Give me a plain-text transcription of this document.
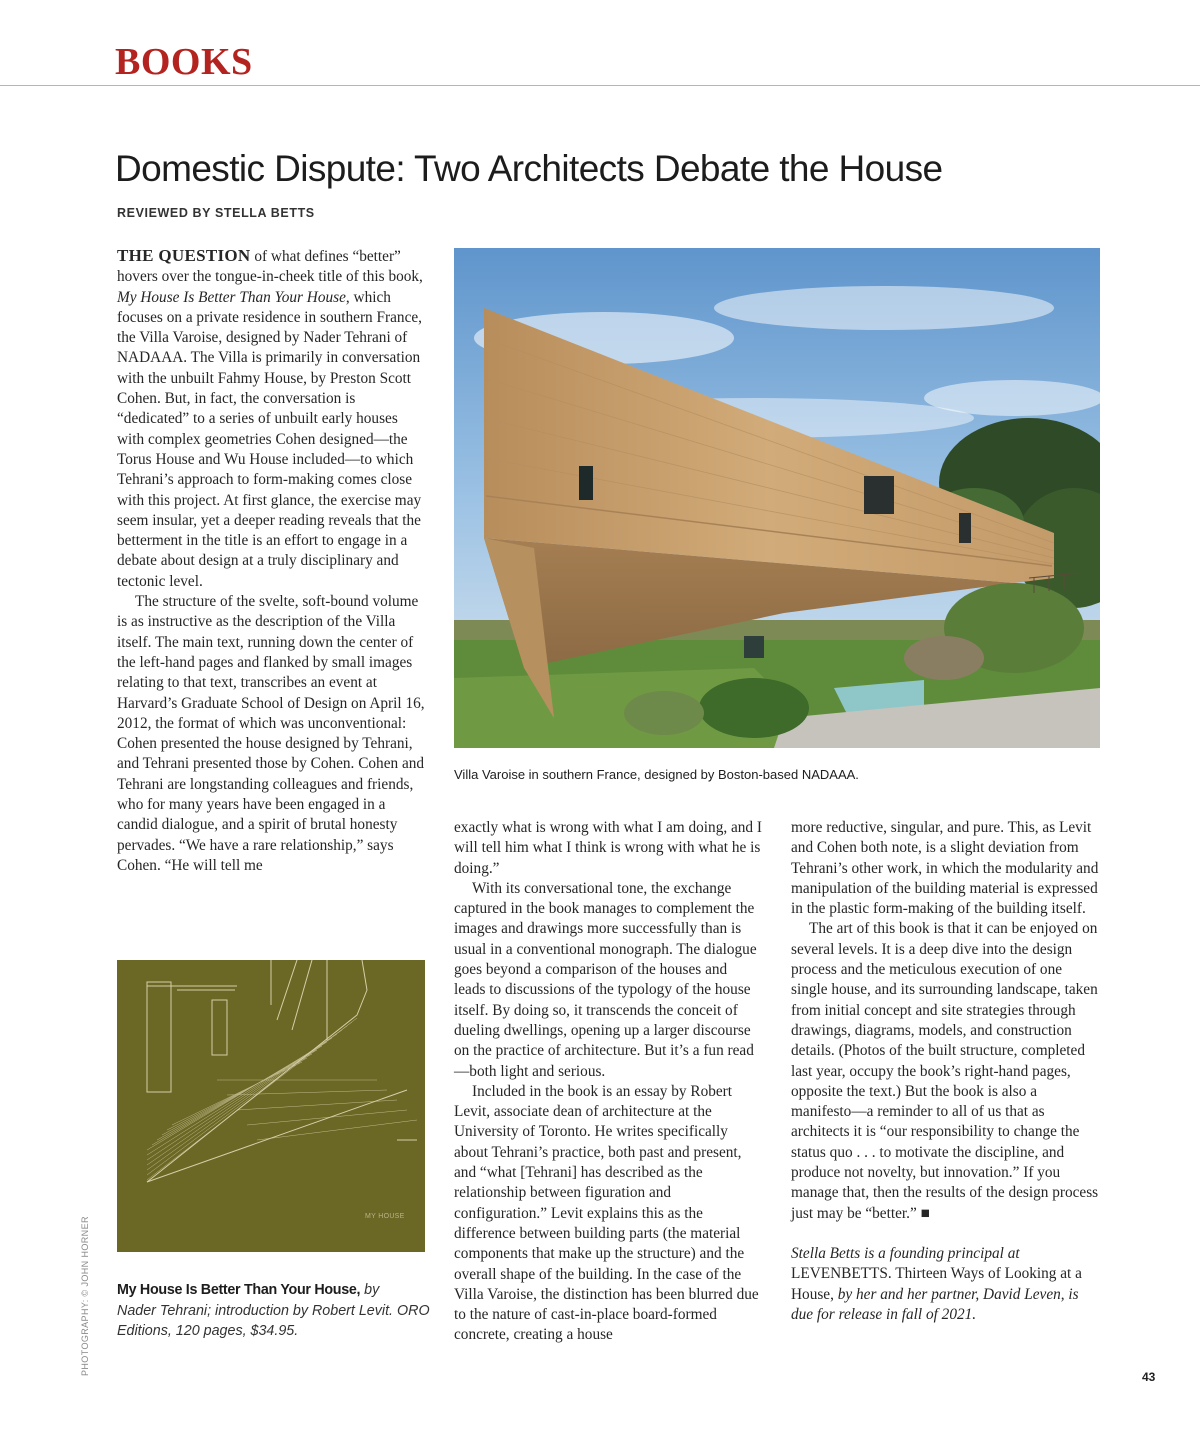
BOOKS
Domestic Dispute: Two Architects Debate the House
REVIEWED BY STELLA BETTS

THE QUESTION of what defines “better” hovers over the tongue-in-cheek title of this book, My House Is Better Than Your House, which focuses on a private residence in southern France, the Villa Varoise, designed by Nader Tehrani of NADAAA. The Villa is primarily in conversation with the unbuilt Fahmy House, by Preston Scott Cohen. But, in fact, the conversation is “dedicated” to a series of unbuilt early houses with complex geometries Cohen designed—the Torus House and Wu House included—to which Tehrani’s approach to form-making comes close with this project. At first glance, the exercise may seem insular, yet a deeper reading reveals that the betterment in the title is an effort to engage in a debate about design at a truly disciplinary and tectonic level.

The structure of the svelte, soft-bound volume is as instructive as the description of the Villa itself. The main text, running down the center of the left-hand pages and flanked by small images relating to that text, transcribes an event at Harvard’s Graduate School of Design on April 16, 2012, the format of which was unconventional: Cohen presented the house designed by Tehrani, and Tehrani presented those by Cohen. Cohen and Tehrani are longstanding colleagues and friends, who for many years have been engaged in a candid dialogue, and a spirit of brutal honesty pervades. “We have a rare relationship,” says Cohen. “He will tell me

Villa Varoise in southern France, designed by Boston-based NADAAA.

exactly what is wrong with what I am doing, and I will tell him what I think is wrong with what he is doing.”

With its conversational tone, the exchange captured in the book manages to complement the images and drawings more successfully than is usual in a conventional monograph. The dialogue goes beyond a comparison of the houses and leads to discussions of the typology of the house itself. By doing so, it transcends the conceit of dueling dwellings, opening up a larger discourse on the practice of architecture. But it’s a fun read—both light and serious.

Included in the book is an essay by Robert Levit, associate dean of architecture at the University of Toronto. He writes specifically about Tehrani’s practice, both past and present, and “what [Tehrani] has described as the relationship between figuration and configuration.” Levit explains this as the difference between building parts (the material components that make up the structure) and the overall shape of the building. In the case of the Villa Varoise, the distinction has been blurred due to the nature of cast-in-place board-formed concrete, creating a house

more reductive, singular, and pure. This, as Levit and Cohen both note, is a slight deviation from Tehrani’s other work, in which the modularity and manipulation of the building material is expressed in the plastic form-making of the building itself.

The art of this book is that it can be enjoyed on several levels. It is a deep dive into the design process and the meticulous execution of one single house, and its surrounding landscape, taken from initial concept and site strategies through drawings, diagrams, models, and construction details. (Photos of the built structure, completed last year, occupy the book’s right-hand pages, opposite the text.) But the book is also a manifesto—a reminder to all of us that as architects it is “our responsibility to change the status quo . . . to motivate the discipline, and produce not novelty, but innovation.” If you manage that, then the results of the design process just may be “better.” ■

Stella Betts is a founding principal at LEVENBETTS. Thirteen Ways of Looking at a House, by her and her partner, David Leven, is due for release in fall of 2021.

MY HOUSE
My House Is Better Than Your House, by
Nader Tehrani; introduction by Robert Levit. ORO Editions, 120 pages, $34.95.
PHOTOGRAPHY: © JOHN HORNER
43
